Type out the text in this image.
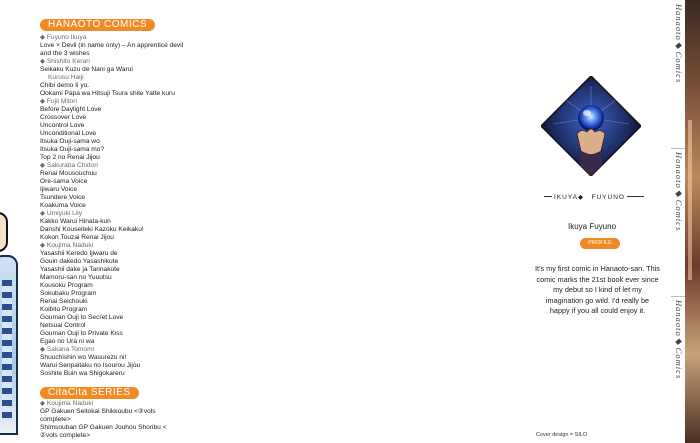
HANAOTO COMICS
◆ Fuyuno Ikuya
Love × Devil (in name only) – An apprentice devil
and the 3 wishes
◆ Shishito Kerari
Seikaku Kuzu de Nani ga Warui
Kurusu Haiji
Chibi demo Ii yo.
Ookami Papa wa Hitsuji Tsura shite Yatte kuru
◆ Fujii Mitori
Before Daylight Love
Crossover Love
Uncontrol Love
Unconditional Love
Itsuka Ouji-sama wo
Itsuka Ouji-sama mo?
Top 2 no Renai Jijou
◆ Sakuraba Chidori
Renai Mousouchuu
Ore-sama Voice
Ijiwaru Voice
Tsundere Voice
Koakuma Voice
◆ Umiyuki Lily
Kakko Warui Hinata-kun
Danshi Kouseiteki Kazoku Keikaku!
Kokon Touzai Renai Jijou
◆ Koujima Naduki
Yasashii Keredo Ijiwaru de
Gouin dakedo Yasashikute
Yasashii dake ja Tarinakute
Mamoru-san no Yuuutsu
Kousoku Program
Sokubaku Program
Renai Seichouki
Koibito Program
Gouman Ouji to Secret Love
Netsuai Control
Gouman Ouji to Private Kiss
Egao no Ura ni wa
◆ Sakana Tomomi
Shuuchishin wo Wasurezu ni!
Warui Senpaitaku no Isourou Jijou
Soshite Buin wa Shigokareru
CitaCita SERIES
◆ Koujima Naduki
GP Gakuen Seitokai Shikkoubu <③vols
complete>
Shimsouban GP Gakuen Jouhou Shoribu <
②vols complete>
IKUYA◆　FUYUNO
Ikuya Fuyuno
PROFILE
It's my first comic in Hanaoto-san. This comic marks the 21st book ever since my debut so I kind of let my imagination go wild. I'd really be happy if you all could enjoy it.
Cover design = SILO
Hanaoto◆Comics
Hanaoto◆Comics
Hanaoto◆Comics
